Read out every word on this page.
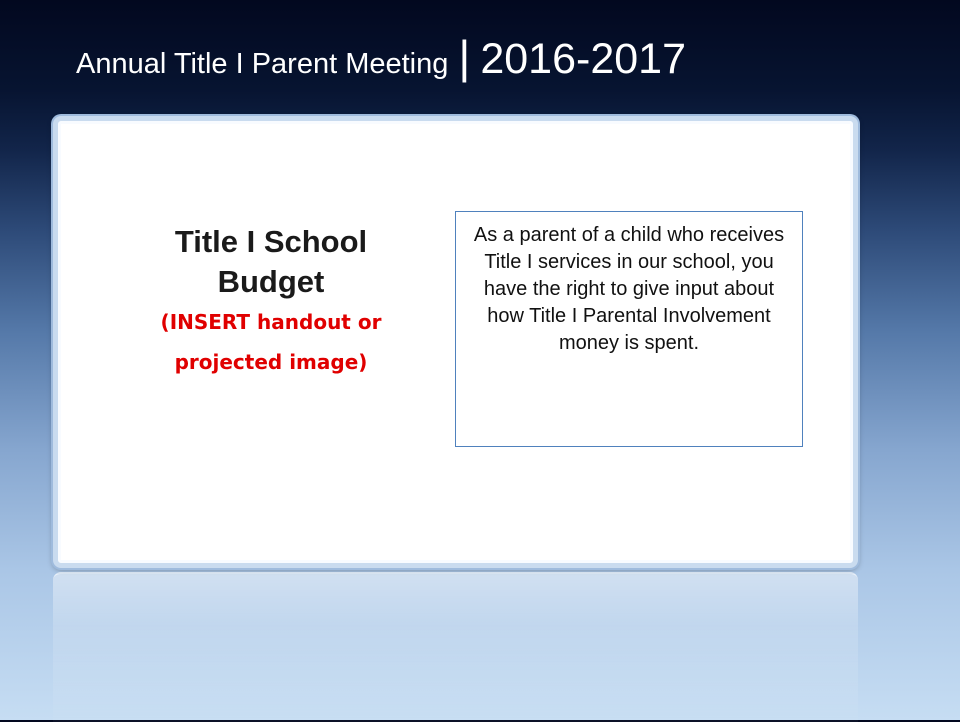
Annual Title I Parent Meeting | 2016-2017
Title I School Budget
(INSERT handout or projected image)
As a parent of a child who receives Title I services in our school, you have the right to give input about how Title I Parental Involvement money is spent.
